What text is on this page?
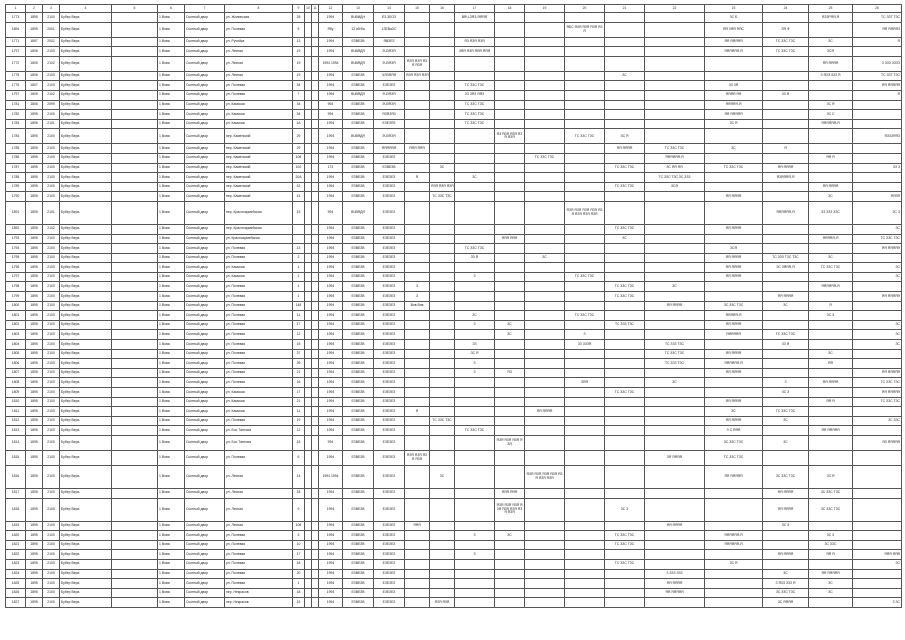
1	2	3	4	5	6	7	8	9	10	11	12	13	14	15	16	17	18	19	20	21	22	23	24	25	26
1773	1895	2100	Бубер Вера		1 Вова	Скотный двор	ул. Жилинская	28			1994	ВЧВИДН	ЕЗ-3ЕОЗ			ВЯЧ-ЗЯЗ-ЯЯЯЯ						ЗС Б		ЯЗЗРЯЯ-Я	ТС ЗЗТ ТЗС
1894	1895	2001	Бубер Вера		1 Вова	Скотный двор	ул. Полевая	5			Ябу	12 кбгба	1ЗЕВаЗС						ЯБС ЯЗЯ ЯЗЯ ЯЗЯ ЯЗЯ			ЯЯ ЗЯЯ ЯЯС	ЗЯ Ф		ЯЯ ЯЯЯЯЗ
1771	1897	2002	Бубер Вера		1 Вова	Скотный двор	ул. Ручейка	13			1994	ЕЗВЕЗВ	ЯВЗЕЗ			ЯЗ ЯЗЯ ЯЗЯ						ЯЯ ЯЯЯЯЯ	ТС ЗЗС ТЗС	ЗС	Я
1797	1806	2100	Бубер Вера		1 Вова	Скотный двор	ул. Лесная	19			1994	ВЧВЯДЯ	ЗЧЗЯЗЯ			ЗЯЯ ЯЗЯ ЯЯЯ ЯЯЯ						ЯЯЯЯЯЯ-Я	ТС ЗЗС ТЗС	ЗСЯ	
1772	1805	2102	Бубер Вера		1 Вова	Скотный двор	ул. Лесная	19			1994 1994	ВЧВЯДЯ	ЗЧЗЯЗЯ	ЯЗЯ ЯЗЯ ЯЗЯ ЯЗЯ										ЯЯ ЯЯЯЯ	З ЗЗЗ ЗЗЗЗ
1775	1806	2100	Бубер Вера		1 Вова	Скотный двор	ул. Лесная	19			1994	ЕЗВЕЗВ	ЧЯЗЯЯЯ	ЯЗЯ ЯЗЯ ЯЗЯ						ЗС				З ЯЗЗ ЗЗЗ Я	ТС ЗЗТ ТЗС
1776	1807	2100	Бубер Вера		1 Вова	Скотный двор	ул. Полевая	34			1994	ЕЗВЕЗВ	ЕЗЕЗЕЗ			ТС ЗЗС ТЗС						ЗЗ ЗЯ			ЯЯ ЯЯЯЯЯ
1797	1805	2102	Бубер Вера		1 Вова	Скотный двор	ул. Полевая	7			1994	ВЧВЯДЯ	ЗЧЗЯЗЯ			ЗЗ ЗЯЗ ЯЯЗ						ЯЯЯЯ ЯЯ	ЗЗ Я		Я
1781	1806	2099	Бубер Вера		1 Вова	Скотный двор	ул. Камская	34			994	ЕЗВЕЗВ	ЗЧЗЯЗЯ			ТС ЗЗС ТЗС						ЯЯЯЯЯ-Я		ЗС Я	
1782	1895	2100	Бубер Вера		1 Вова	Скотный двор	ул. Камская	34			994	ЕЗВЕЗВ	ЯЗЯЗЯЗ			ТС ЗЗС ТЗС						ЯЯ ЯЯЯЯЯ		ЗС С	
1783	1896	2101	Бубер Вера		1 Вова	Скотный двор	ул. Камская	1А			1994	ЕЗВЕЗВ	ЕЗЕЗЯЗ			ТС ЗЗС ТЗС						ЗС Я		ЯЯЯЯЯЯ-Я	
1784	1895	2100	Бубер Вера		1 Вова	Скотный двор	пер. Каменский	29			1994	ВЧВЯДЯ	ЗЧЗЯЗЯ				ЯЗ ЯЗЯ ЯЗЯ ЯЗЯ ЯЗЯ		ТС ЗЗС ТЗС	ЗС Я					ЯЗЗЗЯЯЗ
1785	1895	2100	Бубер Вера		1 Вова	Скотный двор	пер. Каменский	29			1994	ЕЗВЕЗВ	ЯЯЯЯЯЯ	ЯЯЯ ЯЯЯ						ЯЯ ЯЯЯЯ	ТС ЗЗС ТЗС	ЗС	Я		
1786	1895	2100	Бубер Вера		1 Вова	Скотный двор	пер. Каменский	108			1994	ЕЗВЕЗВ	ЕЗЕЗЕЗ					ТС ЗЗС ТЗС			ЯЯЯЯЯЯ-Я			ЯЯ Я	
1787	1895	2100	Бубер Вера		1 Вова	Скотный двор	пер. Каменский	102			173	ЕЗВЕЗВ	ЕЗВЕЗВ		ЗС					ТС ЗЗС ТЗС	ЗС ЯЯ ЯЯ	ТС ЗЗС ТЗС	ЯЯ ЯЯЯЯ		ЗЗ З
1788	1895	2100	Бубер Вера		1 Вова	Скотный двор	пер. Каменский	20А			1994	ЕЗВЕЗВ	ЕЗЕЗЕЗ	Я		ЗС					ТС ЗЗС ТЗС ЗС ЗЗЗ		ЯЗЯЯЯЯ-Я		
1789	1895	2100	Бубер Вера		1 Вова	Скотный двор	пер. Каменский	42			1994	ЕЗВЕЗВ	ЕЗЕЗЕЗ		ЯЗЯ ЯЗЯ ЯЗЯ					ТС ЗЗС ТЗС	ЗСЯ			ЯЯ ЯЯЯЯ	
1790	1895	2100	Бубер Вера		1 Вова	Скотный двор	пер. Каменский	41			1994	ЕЗВЕЗВ	ЕЗЕЗЕЗ		ТС ЗЗС ТЗС							ЯЯ ЯЯЯЯ		ЗС	ЯЯЗЯ
1891	1895	2101	Бубер Вера		1 Вова	Скотный двор	пер. Красноармейская	15			994	ВЧВЯДЯ	ЕЗЕЗЕЗ						ЯЗЯ ЯЗЯ ЯЗЯ ЯЗЯ ЯЗЯ ЯЗЯ ЯЗЯ ЯЗЯ				ЯЯЯЯЯЯ-Я	ЗЗ ЗЗЗ ЗЗС	ЗС З
1892	1895	2102	Бубер Вера		1 Вова	Скотный двор	пер. Красноармейская				1994	ЕЗВЕЗВ	ЕЗЕЗЕЗ							ТС ЗЗС ТЗС		ЯЯ ЯЯЯЯ			ЗС
1793	1895	2100	Бубер Вера		1 Вова	Скотный двор	ул. Красноармейская				1994	ЕЗВЕЗВ	ЕЗЕЗЕЗ				ЯЯЯ ЯЯЯ			ЗС				ЯЯЯЯЯ-Я	ТС ЗЗС ТЗС
1794	1895	2100	Бубер Вера		1 Вова	Скотный двор	ул. Полевая	13			1994	ЕЗВЕЗВ	ЕЗЕЗЕЗ			ТС ЗЗС ТЗС						ЗСЯ			ЯЯ ЯЯЯЯЯ
1795	1895	2100	Бубер Вера		1 Вова	Скотный двор	ул. Полевая	2			1994	ЕЗВЕЗВ	ЕЗЕЗЕЗ			ЗЗ Я		ЗС				ЯЯ ЯЯЯЯ	ТС ЗЗЗ ТЗС ТЗС	ЗС	
1796	1895	2100	Бубер Вера		1 Вова	Скотный двор	ул. Камская	1			1994	ЕЗВЕЗВ	ЕЗЕЗЕЗ									ЯЯ ЯЯЯЯ	ЗС ЗЯЯЯ-Я	ТС ЗЗС ТЗС	ЗС
1797	1895	2100	Бубер Вера		1 Вова	Скотный двор	ул. Камская	1			1994	ЕЗВЕЗВ	ЕЗЕЗЕЗ			З			ТС ЗЗС ТЗС			ЯЯ ЯЯЯЯ			ЗС
1798	1895	2100	Бубер Вера		1 Вова	Скотный двор	ул. Полевая	1			1994	ЕЗВЕЗВ	ЕЗЕЗЕЗ	З						ТС ЗЗС ТЗС	ЗС			ЯЯЯЯЯЯ-Я	
1799	1895	2100	Бубер Вера		1 Вова	Скотный двор	ул. Полевая	1			1994	ЕЗВЕЗВ	ЕЗЕЗЕЗ	З						ТС ЗЗС ТЗС			ЯЯ ЯЯЯЯ		ЯЯ ЯЯЯЯЯ
1800	1895	2100	Бубер Вера		1 Вова	Скотный двор	ул. Полевая	148			1994	ЕЗВЕЗВ	ЕЗЕЗЕЗ	Вов Вов							ЯЯ ЯЯЯЯ	ЗС ЗЗС ТЗС	ЗС	Я	
1801	1895	2100	Бубер Вера		1 Вова	Скотный двор	ул. Полевая	11			1994	ЕЗВЕЗВ	ЕЗЕЗЕЗ			ЗС			ТС ЗЗС ТЗС			ЯЯЯЯЯ-Я		ЗС З	
1802	1895	2100	Бубер Вера		1 Вова	Скотный двор	ул. Полевая	17			1994	ЕЗВЕЗВ	ЕЗЕЗЕЗ			З	ЗС			ТС ЗЗЗ ТЗС		ЯЯ ЯЯЯЯ			ЗС
1803	1895	2100	Бубер Вера		1 Вова	Скотный двор	ул. Полевая	12			1994	ЕЗВЕЗВ	ЕЗЕЗЕЗ				ЗС		З			ЯЯЯЯЯЯ	ТС ЗЗС ТЗС		ЗС
1804	1895	2100	Бубер Вера		1 Вова	Скотный двор	ул. Полевая	15			1994	ЕЗВЕЗВ	ЕЗЕЗЕЗ			ЗЗ			ЗЗ ЗЗЗЯ		ТС ЗЗЗ ТЗС		ЗЗ Я		ЗС
1805	1895	2100	Бубер Вера		1 Вова	Скотный двор	ул. Полевая	37			1994	ЕЗВЕЗВ	ЕЗЕЗЕЗ			ЗС Я					ТС ЗЗС ТЗС	ЯЯ ЯЯЯЯ		ЗС	
1806	1895	2100	Бубер Вера		1 Вова	Скотный двор	ул. Полевая	39			1994	ЕЗВЕЗВ	ЕЗЕЗЕЗ			З					ТС ЗЗЗ ТЗС	ЯЯЯЯЯЯ-Я		ЯЯ	
1807	1895	2100	Бубер Вера		1 Вова	Скотный двор	ул. Полевая	21			1994	ЕЗВЕЗВ	ЕЗЕЗЕЗ			З	ЯЗ					ЯЯ ЯЯЯЯ			ЯЯ ЯЯЯЯЯ
1808	1895	2100	Бубер Вера		1 Вова	Скотный двор	ул. Полевая	16			1994	ЕЗВЕЗВ	ЕЗЕЗЕЗ						ЗЯЯ		ЗС		З	ЯЯ ЯЯЯЯ	ТС ЗЗС ТЗС
1809	1895	2100	Бубер Вера		1 Вова	Скотный двор	ул. Камская	17			1994	ЕЗВЕЗВ	ЕЗЕЗЕЗ							ТС ЗЗС ТЗС			ЗС З		ЯЯ ЯЯЯЯЯ
1810	1895	2100	Бубер Вера		1 Вова	Скотный двор	ул. Камская	21			1994	ЕЗВЕЗВ	ЕЗЕЗЕЗ									ЯЯ ЯЯЯЯ		ЯЯ Я	ТС ЗЗС ТЗС
1811	1895	2100	Бубер Вера		1 Вова	Скотный двор	ул. Камская	11			1994	ЕЗВЕЗВ	ЕЗЕЗЕЗ	Я				ЯЯ ЯЯЯЯ				ЗС	ТС ЗЗС ТЗС		
1812	1895	2100	Бубер Вера		1 Вова	Скотный двор	ул. Полевая	19			1994	ЕЗВЕЗВ	ЕЗЕЗЕЗ		ТС ЗЗС ТЗС							ЯЯ ЯЯЯЯ	ЗС		ЗС ЗЗС
1813	1895	2100	Бубер Вера		1 Вова	Скотный двор	ул. Бос Тантова	12			1994	ЕЗВЕЗВ	ЕЗЕЗЕЗ			ТС ЗЗС ТЗС						З С ЯЯЯ		ЯЯ ЯЯЯЯЯ	
1814	1895	2100	Бубер Вера		1 Вова	Скотный двор	ул. Бос Тантова	15			994	ЕЗВЕЗВ	ЕЗЕЗЕЗ				ЯЗЯ ЯЗЯ ЯЗЯ ЯЗЯ					ЗС ЗЗС ТЗС	ЗС		ЯЗ ЯЯЯЯЯ
1815	1895	2100	Бубер Вера		1 Вова	Скотный двор	ул. Полевая	6			1994	ЕЗВЕЗВ	ЕЗЕЗЕЗ	ЯЗЯ ЯЗЯ ЯЗЯ ЯЗЯ							ЗЯ ЯЯЯЯ	ТС ЗЗС ТЗС			
1816	1895	2100	Бубер Вера		1 Вова	Скотный двор	ул. Лесная	14			1994 1994	ЕЗВЕЗВ	ЕЗЕЗЕЗ		ЗС			ЯЗЯ ЯЗЯ ЯЗЯ ЯЗЯ ЯЗЯ ЯЗЯ ЯЗЯ				ЯЯ ЯЯЯЯЯ	ЗС ЗЗС ТЗС	ЗС Я	
1817	1895	2100	Бубер Вера		1 Вова	Скотный двор	ул. Лесная	18			1994	ЕЗВЕЗВ	ЕЗЕЗЕЗ				ЯЯЯ ЯЯЯ						ЯЯ ЯЯЯЯ	ЗС ЗЗС ТЗС	
1818	1895	2100	Бубер Вера		1 Вова	Скотный двор	ул. Лесная	9			1994	ЕЗВЕЗВ	ЕЗЕЗЕЗ				ЯЗЯ ЯЗЯ ЯЗЯ ЯЗЯ ЯЗЯ ЯЗЯ ЯЗЯ ЯЗЯ			ЗС З			ЯЯ ЯЯЯЯ	ЗС ЗЗС ТЗС	
1819	1895	2100	Бубер Вера		1 Вова	Скотный двор	ул. Лесная	108			1994	ЕЗВЕЗВ	ЕЗЕЗЕЗ	ЯЯЯ							ЯЯ ЯЯЯЯ		ЗС З		
1820	1895	2100	Бубер Вера		1 Вова	Скотный двор	ул. Полевая	3			1994	ЕЗВЕЗВ	ЕЗЕЗЕЗ			З	ЗС			ТС ЗЗС ТЗС		ЯЯЯЯЯЯ-Я		ЗС З	
1821	1895	2100	Бубер Вера		1 Вова	Скотный двор	ул. Полевая	10			1994	ЕЗВЕЗВ	ЕЗЕЗЕЗ							ТС ЗЗС ТЗС		ЯЯЯЯЯЯ-Я		ЗС ЗЗС	
1822	1895	2100	Бубер Вера		1 Вова	Скотный двор	ул. Полевая	17			1994	ЕЗВЕЗВ	ЕЗЕЗЕЗ			З							ЯЯ ЯЯЯЯ	ЯЯ Я	ЯЯЯ ЯЯЯ
1823	1895	2100	Бубер Вера		1 Вова	Скотный двор	ул. Полевая	18			1994	ЕЗВЕЗВ	ЕЗЕЗЕЗ							ТС ЗЗС ТЗС		ЗС Я			ЗС
1824	1895	2100	Бубер Вера		1 Вова	Скотный двор	ул. Полевая	20			1994	ЕЗВЕЗВ	ЕЗЕЗЕЗ								З ЗЗЗ ЗЗЗ		ЗС	ЯЯ ЯЯЯЯЯ	
1825	1895	2100	Бубер Вера		1 Вова	Скотный двор	ул. Полевая	1			1994	ЕЗВЕЗВ	ЕЗЕЗЕЗ								ЯЯ ЯЯЯЯ		З ЯЗЗ ЗЗЗ Я	ЗС	
1826	1895	2100	Бубер Вера		1 Вова	Скотный двор	пер. Некрасов	18			1994	ЕЗВЕЗВ	ЕЗЕЗЕЗ								ЯЯ ЯЯЯЯЯ		ЗС ЗЗС ТЗС	ЗС	
1827	1895	2100	Бубер Вера		1 Вова	Скотный двор	пер. Некрасов	15			1994	ЕЗВЕЗВ	ЕЗЕЗЕЗ		ЯЗЯ ЯЗЯ								ЗС ЯЯЯЯ		З ЗС
